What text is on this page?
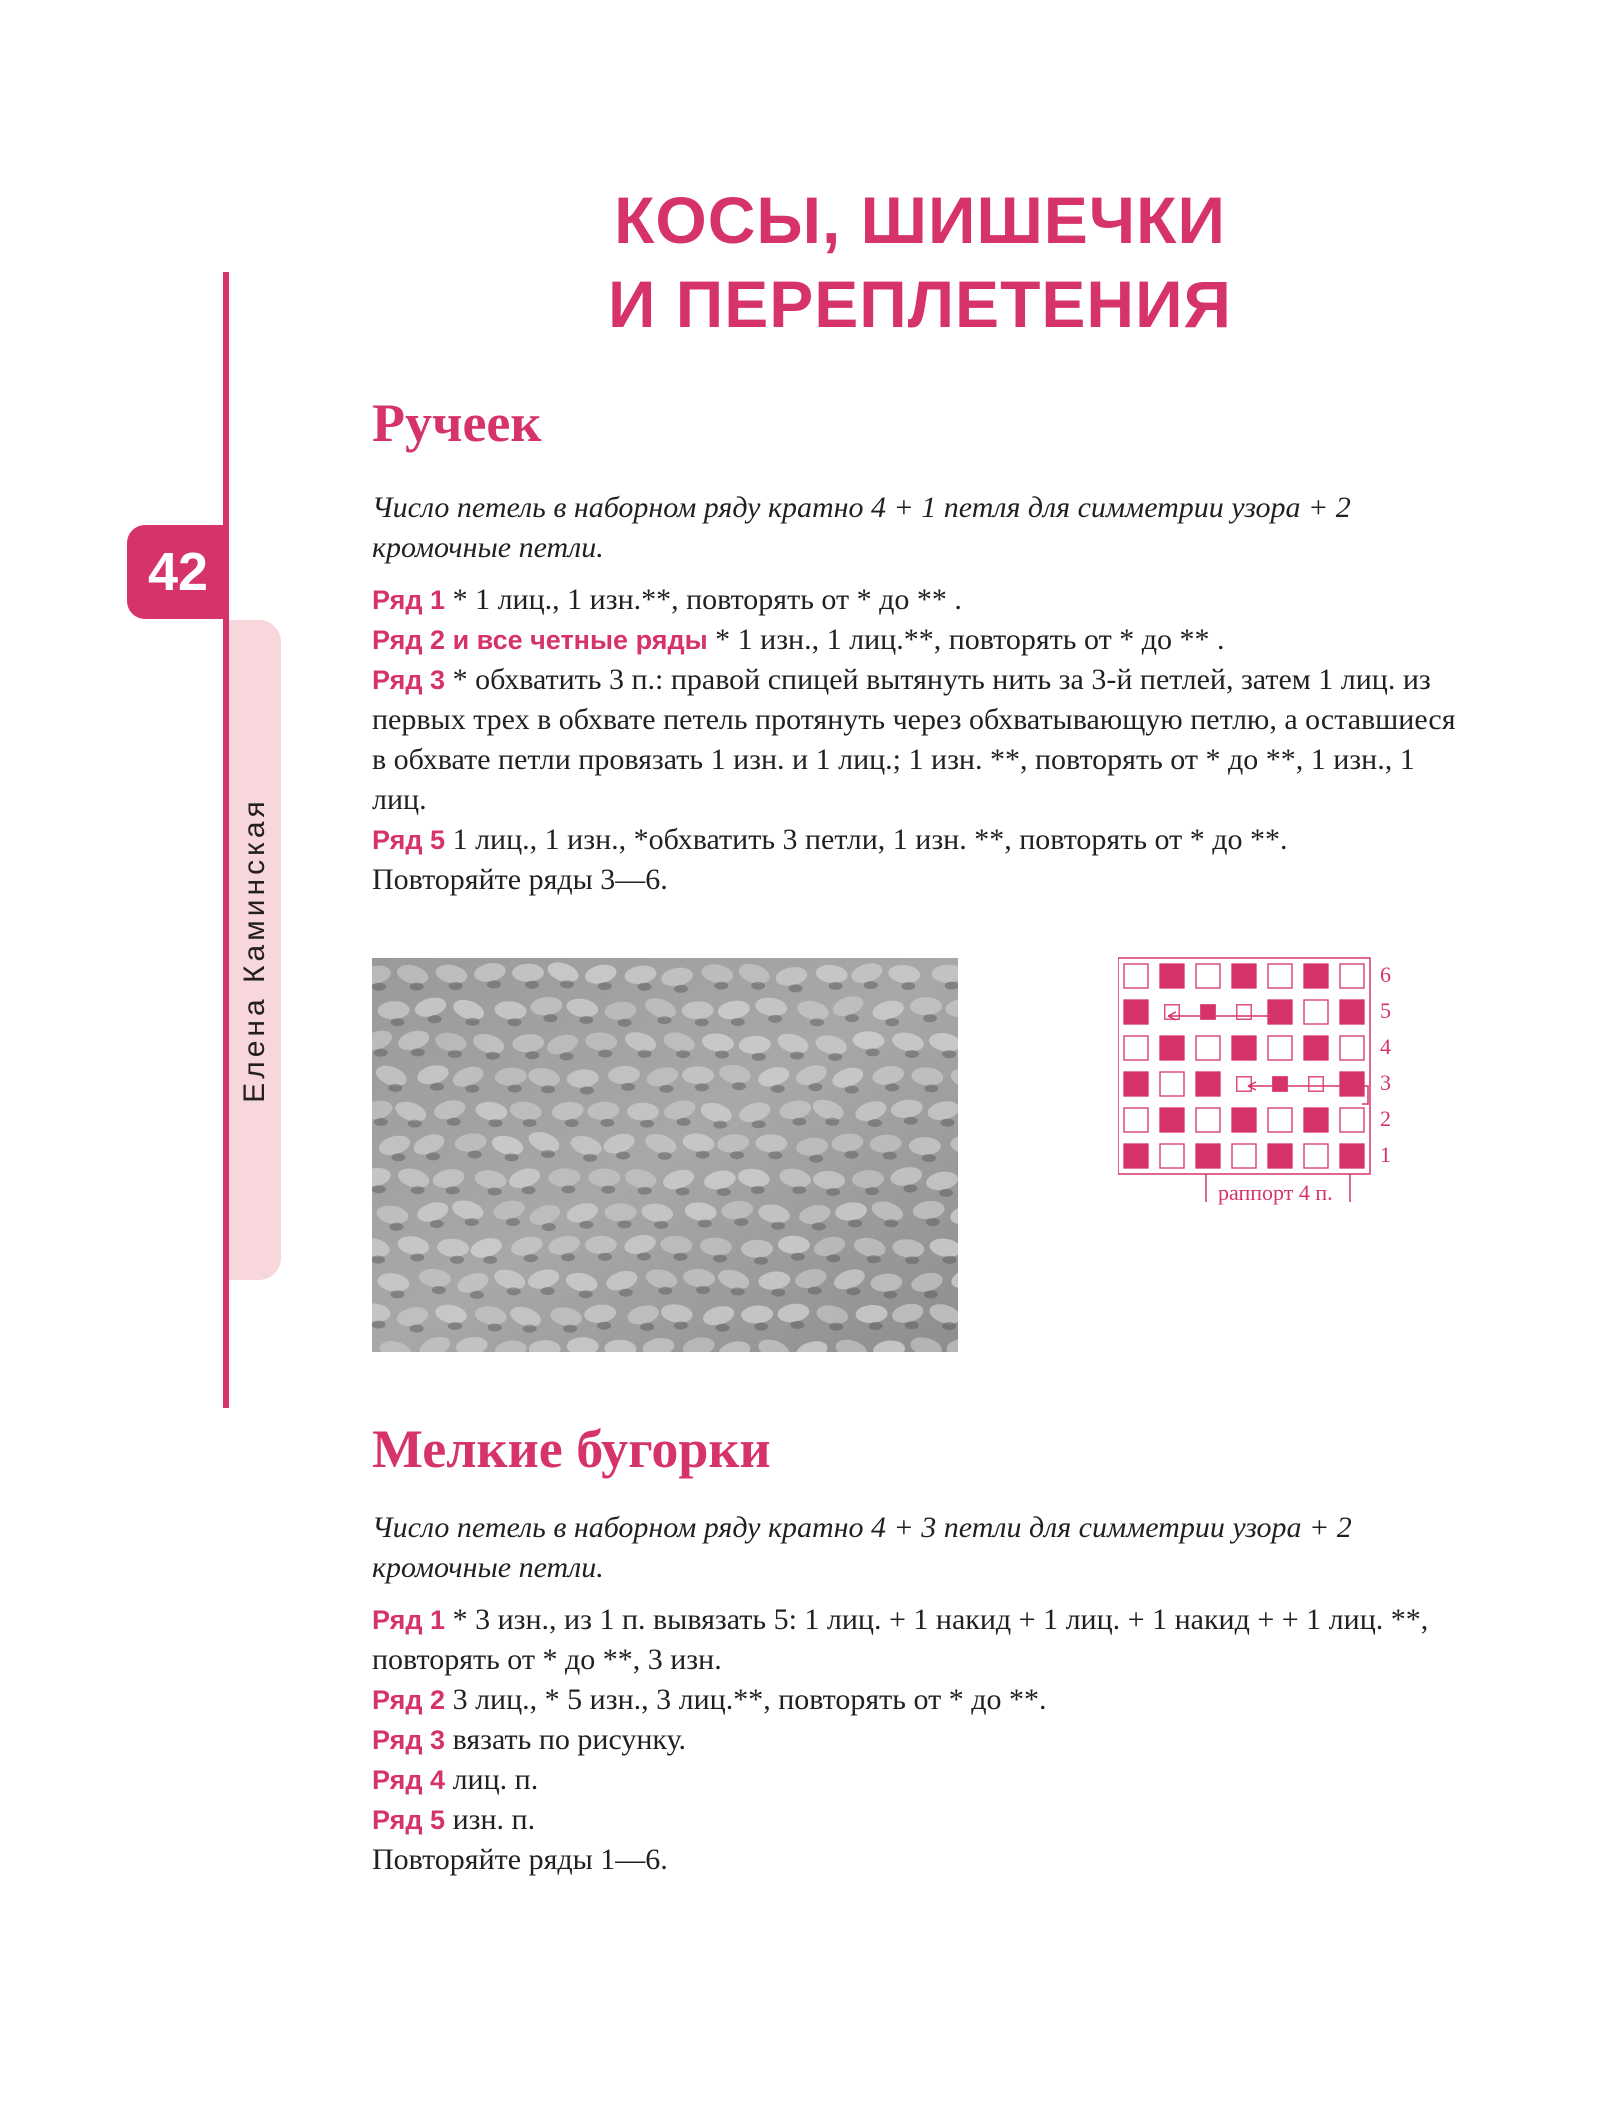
КОСЫ, ШИШЕЧКИ
И ПЕРЕПЛЕТЕНИЯ
42
Елена Каминская
Ручеек

Число петель в наборном ряду кратно 4 + 1 петля для симметрии узора + 2 кромочные петли.

Ряд 1 * 1 лиц., 1 изн.**, повторять от * до ** .

Ряд 2 и все четные ряды * 1 изн., 1 лиц.**, повторять от * до ** .

Ряд 3 * обхватить 3 п.: правой спицей вытянуть нить за 3-й петлей, затем 1 лиц. из первых трех в обхвате петель протянуть через обхватывающую петлю, а оставшиеся в обхвате петли провязать 1 изн. и 1 лиц.; 1 изн. **, повторять от * до **, 1 изн., 1 лиц.

Ряд 5 1 лиц., 1 изн., *обхватить 3 петли, 1 изн. **, повторять от * до **.

Повторяйте ряды 3—6.

6
5
4
3
2
1
раппорт 4 п.
Мелкие бугорки

Число петель в наборном ряду кратно 4 + 3 петли для симметрии узора + 2 кромочные петли.

Ряд 1 * 3 изн., из 1 п. вывязать 5: 1 лиц. + 1 накид + 1 лиц. + 1 накид + + 1 лиц. **, повторять от * до **, 3 изн.

Ряд 2 3 лиц., * 5 изн., 3 лиц.**, повторять от * до **.

Ряд 3 вязать по рисунку.

Ряд 4 лиц. п.

Ряд 5 изн. п.

Повторяйте ряды 1—6.
